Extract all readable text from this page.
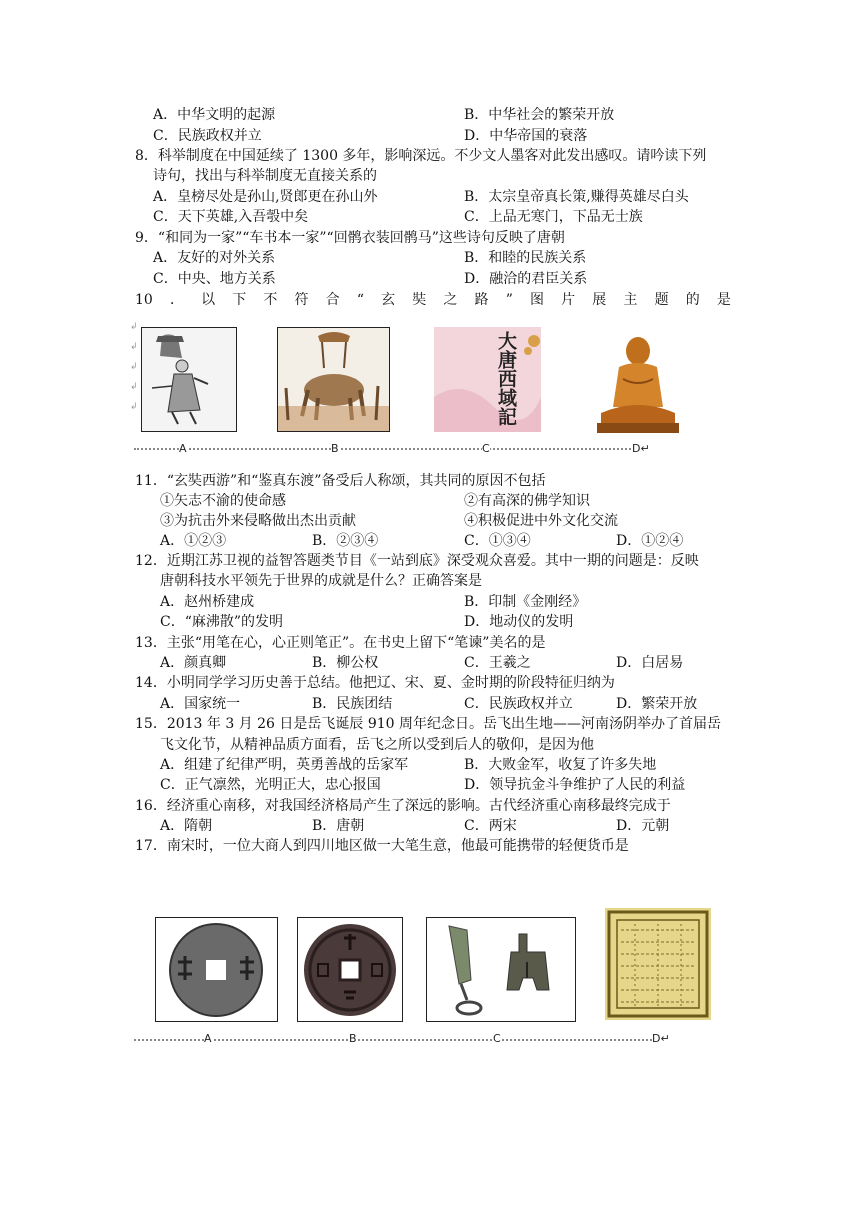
A．中华文明的起源	B．中华社会的繁荣开放
C．民族政权并立	D．中华帝国的衰落
8．科举制度在中国延续了 1300 多年，影响深远。不少文人墨客对此发出感叹。请吟读下列
诗句，找出与科举制度无直接关系的
A．皇榜尽处是孙山,贤郎更在孙山外	B．太宗皇帝真长策,赚得英雄尽白头
C．天下英雄,入吾彀中矣	C．上品无寒门，下品无士族
9．“和同为一家”“车书本一家”“回鹘衣装回鹘马”这些诗句反映了唐朝
A．友好的对外关系	B．和睦的民族关系
C．中央、地方关系	D．融洽的君臣关系
10 ． 以 下 不 符 合 “ 玄 奘 之 路 ” 图 片 展 主 题 的 是
↲
↲
↲
↲
↲	大唐西域記
A	B	C	D↵
11．“玄奘西游”和“鉴真东渡”备受后人称颂，其共同的原因不包括
①矢志不渝的使命感	②有高深的佛学知识
③为抗击外来侵略做出杰出贡献	④积极促进中外文化交流
A．①②③	B．②③④	C．①③④	D．①②④
12．近期江苏卫视的益智答题类节目《一站到底》深受观众喜爱。其中一期的问题是：反映
唐朝科技水平领先于世界的成就是什么？正确答案是
A．赵州桥建成	B．印制《金刚经》
C．“麻沸散”的发明	D．地动仪的发明
13．主张“用笔在心，心正则笔正”。在书史上留下“笔谏”美名的是
A．颜真卿	B．柳公权	C．王羲之	D．白居易
14．小明同学学习历史善于总结。他把辽、宋、夏、金时期的阶段特征归纳为
A．国家统一	B．民族团结	C．民族政权并立	D．繁荣开放
15．2013 年 3 月 26 日是岳飞诞辰 910 周年纪念日。岳飞出生地——河南汤阴举办了首届岳
飞文化节，从精神品质方面看，岳飞之所以受到后人的敬仰，是因为他
A．组建了纪律严明，英勇善战的岳家军	B．大败金军，收复了许多失地
C．正气凛然，光明正大，忠心报国	D．领导抗金斗争维护了人民的利益
16．经济重心南移，对我国经济格局产生了深远的影响。古代经济重心南移最终完成于
A．隋朝	B．唐朝	C．两宋	D．元朝
17．南宋时，一位大商人到四川地区做一大笔生意，他最可能携带的轻便货币是
A	B	C	D↵
